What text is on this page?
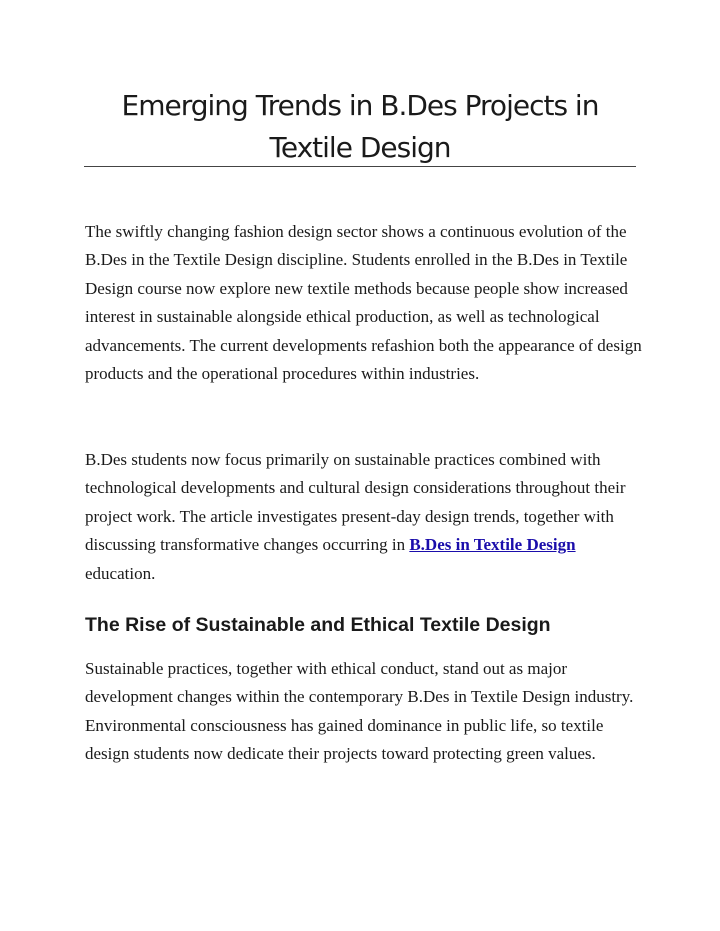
Emerging Trends in B.Des Projects in Textile Design

The swiftly changing fashion design sector shows a continuous evolution of the B.Des in the Textile Design discipline. Students enrolled in the B.Des in Textile Design course now explore new textile methods because people show increased interest in sustainable alongside ethical production, as well as technological advancements. The current developments refashion both the appearance of design products and the operational procedures within industries.

B.Des students now focus primarily on sustainable practices combined with technological developments and cultural design considerations throughout their project work. The article investigates present-day design trends, together with discussing transformative changes occurring in B.Des in Textile Design education.

The Rise of Sustainable and Ethical Textile Design

Sustainable practices, together with ethical conduct, stand out as major development changes within the contemporary B.Des in Textile Design industry. Environmental consciousness has gained dominance in public life, so textile design students now dedicate their projects toward protecting green values.
